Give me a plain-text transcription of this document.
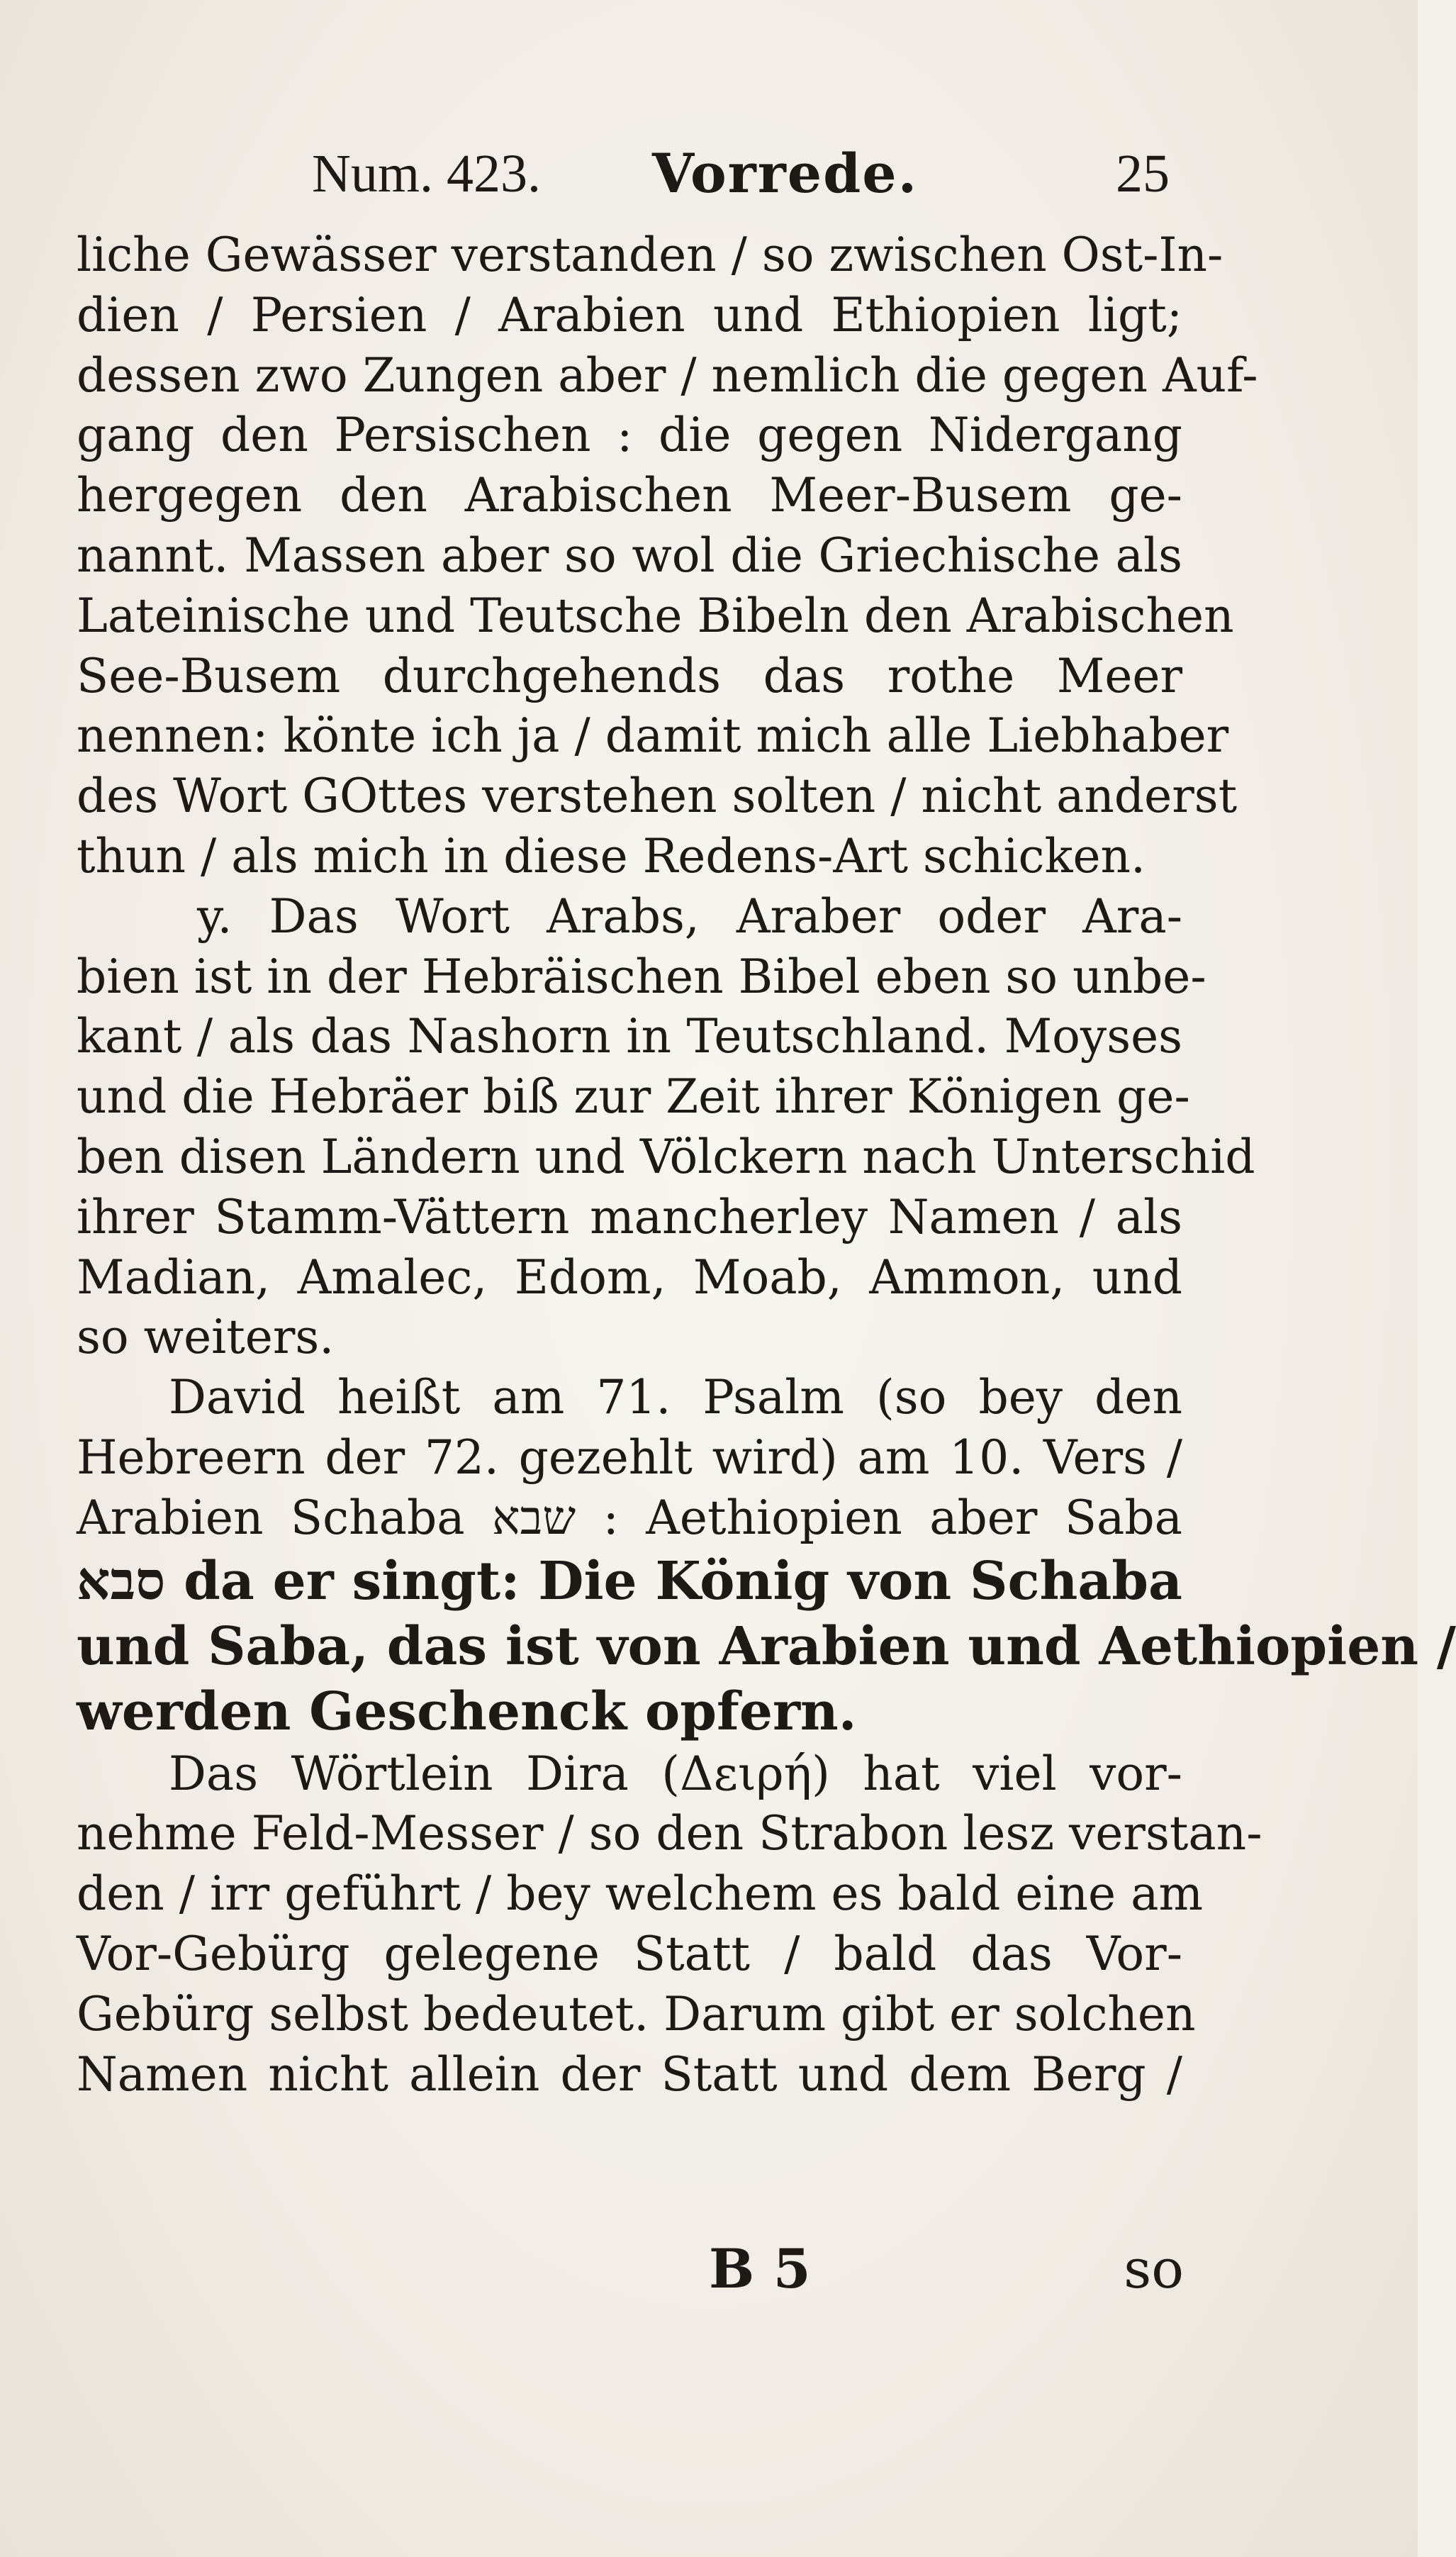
Num. 423. Vorrede.	25
liche Gewässer verstanden / so zwischen Ost-In-
dien / Persien / Arabien und Ethiopien ligt;
dessen zwo Zungen aber / nemlich die gegen Auf-
gang den Persischen : die gegen Nidergang
hergegen den Arabischen Meer-Busem ge-
nannt. Massen aber so wol die Griechische als
Lateinische und Teutsche Bibeln den Arabischen
See-Busem durchgehends das rothe Meer
nennen: könte ich ja / damit mich alle Liebhaber
des Wort GOttes verstehen solten / nicht anderst
thun / als mich in diese Redens-Art schicken.
y. Das Wort Arabs, Araber oder Ara-
bien ist in der Hebräischen Bibel eben so unbe-
kant / als das Nashorn in Teutschland. Moyses
und die Hebräer biß zur Zeit ihrer Königen ge-
ben disen Ländern und Völckern nach Unterschid
ihrer Stamm-Vättern mancherley Namen / als
Madian, Amalec, Edom, Moab, Ammon, und
so weiters.
David heißt am 71. Psalm (so bey den
Hebreern der 72. gezehlt wird) am 10. Vers /
Arabien Schaba שבא : Aethiopien aber Saba
סבא da er singt: Die König von Schaba
und Saba, das ist von Arabien und Aethiopien /
werden Geschenck opfern.
Das Wörtlein Dira (Δειρή) hat viel vor-
nehme Feld-Messer / so den Strabon lesz verstan-
den / irr geführt / bey welchem es bald eine am
Vor-Gebürg gelegene Statt / bald das Vor-
Gebürg selbst bedeutet. Darum gibt er solchen
Namen nicht allein der Statt und dem Berg /
B 5	so
